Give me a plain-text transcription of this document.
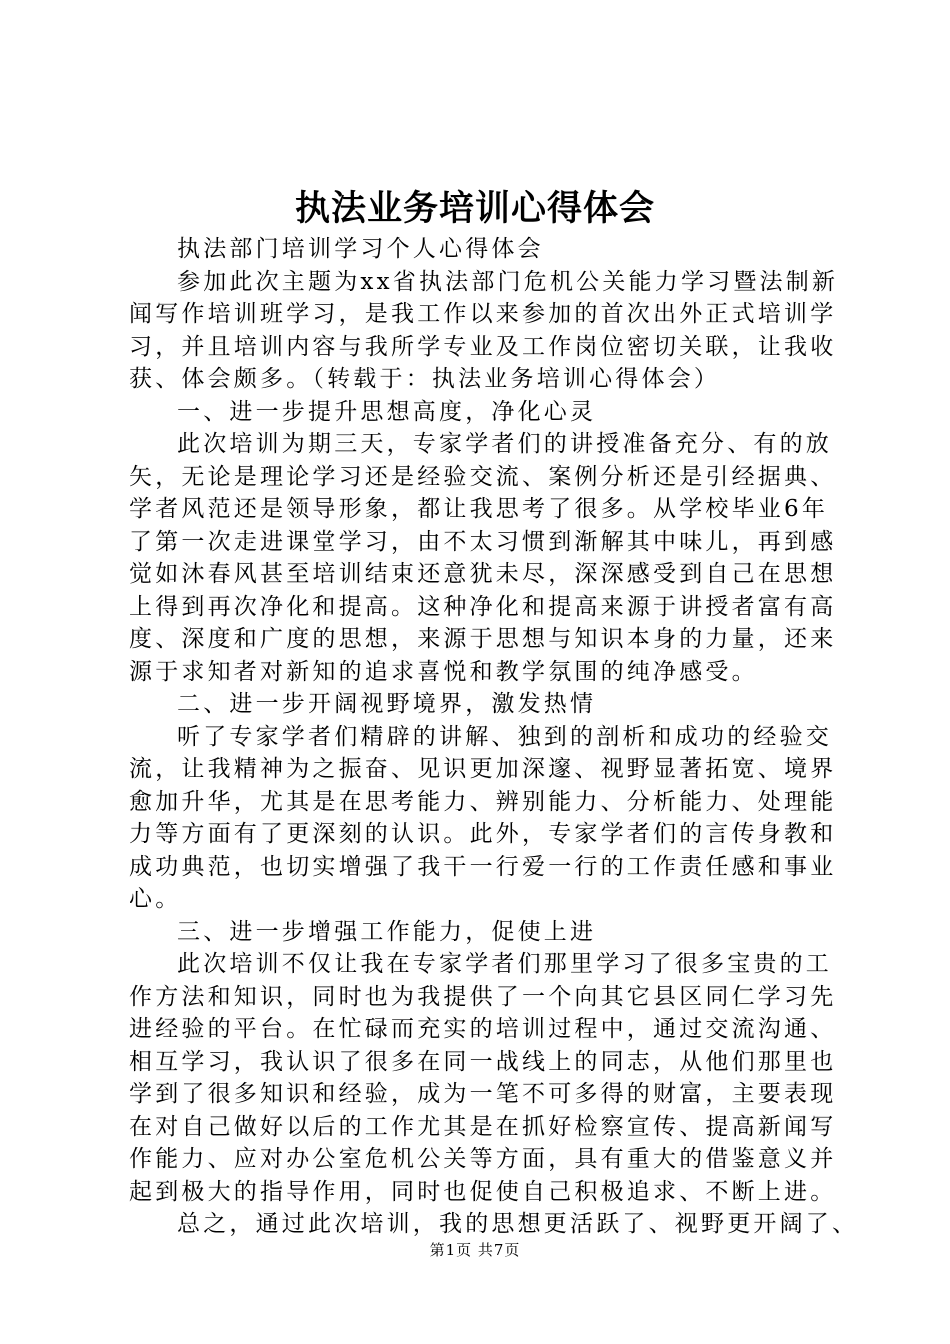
执法业务培训心得体会
执法部门培训学习个人心得体会
参加此次主题为xx省执法部门危机公关能力学习暨法制新
闻写作培训班学习，是我工作以来参加的首次出外正式培训学
习，并且培训内容与我所学专业及工作岗位密切关联，让我收
获、体会颇多。（转载于：执法业务培训心得体会）
一、进一步提升思想高度，净化心灵
此次培训为期三天，专家学者们的讲授准备充分、有的放
矢，无论是理论学习还是经验交流、案例分析还是引经据典、
学者风范还是领导形象，都让我思考了很多。从学校毕业6年
了第一次走进课堂学习，由不太习惯到渐解其中味儿，再到感
觉如沐春风甚至培训结束还意犹未尽，深深感受到自己在思想
上得到再次净化和提高。这种净化和提高来源于讲授者富有高
度、深度和广度的思想，来源于思想与知识本身的力量，还来
源于求知者对新知的追求喜悦和教学氛围的纯净感受。
二、进一步开阔视野境界，激发热情
听了专家学者们精辟的讲解、独到的剖析和成功的经验交
流，让我精神为之振奋、见识更加深邃、视野显著拓宽、境界
愈加升华，尤其是在思考能力、辨别能力、分析能力、处理能
力等方面有了更深刻的认识。此外，专家学者们的言传身教和
成功典范，也切实增强了我干一行爱一行的工作责任感和事业
心。
三、进一步增强工作能力，促使上进
此次培训不仅让我在专家学者们那里学习了很多宝贵的工
作方法和知识，同时也为我提供了一个向其它县区同仁学习先
进经验的平台。在忙碌而充实的培训过程中，通过交流沟通、
相互学习，我认识了很多在同一战线上的同志，从他们那里也
学到了很多知识和经验，成为一笔不可多得的财富，主要表现
在对自己做好以后的工作尤其是在抓好检察宣传、提高新闻写
作能力、应对办公室危机公关等方面，具有重大的借鉴意义并
起到极大的指导作用，同时也促使自己积极追求、不断上进。
总之，通过此次培训，我的思想更活跃了、视野更开阔了、
第1页 共7页
